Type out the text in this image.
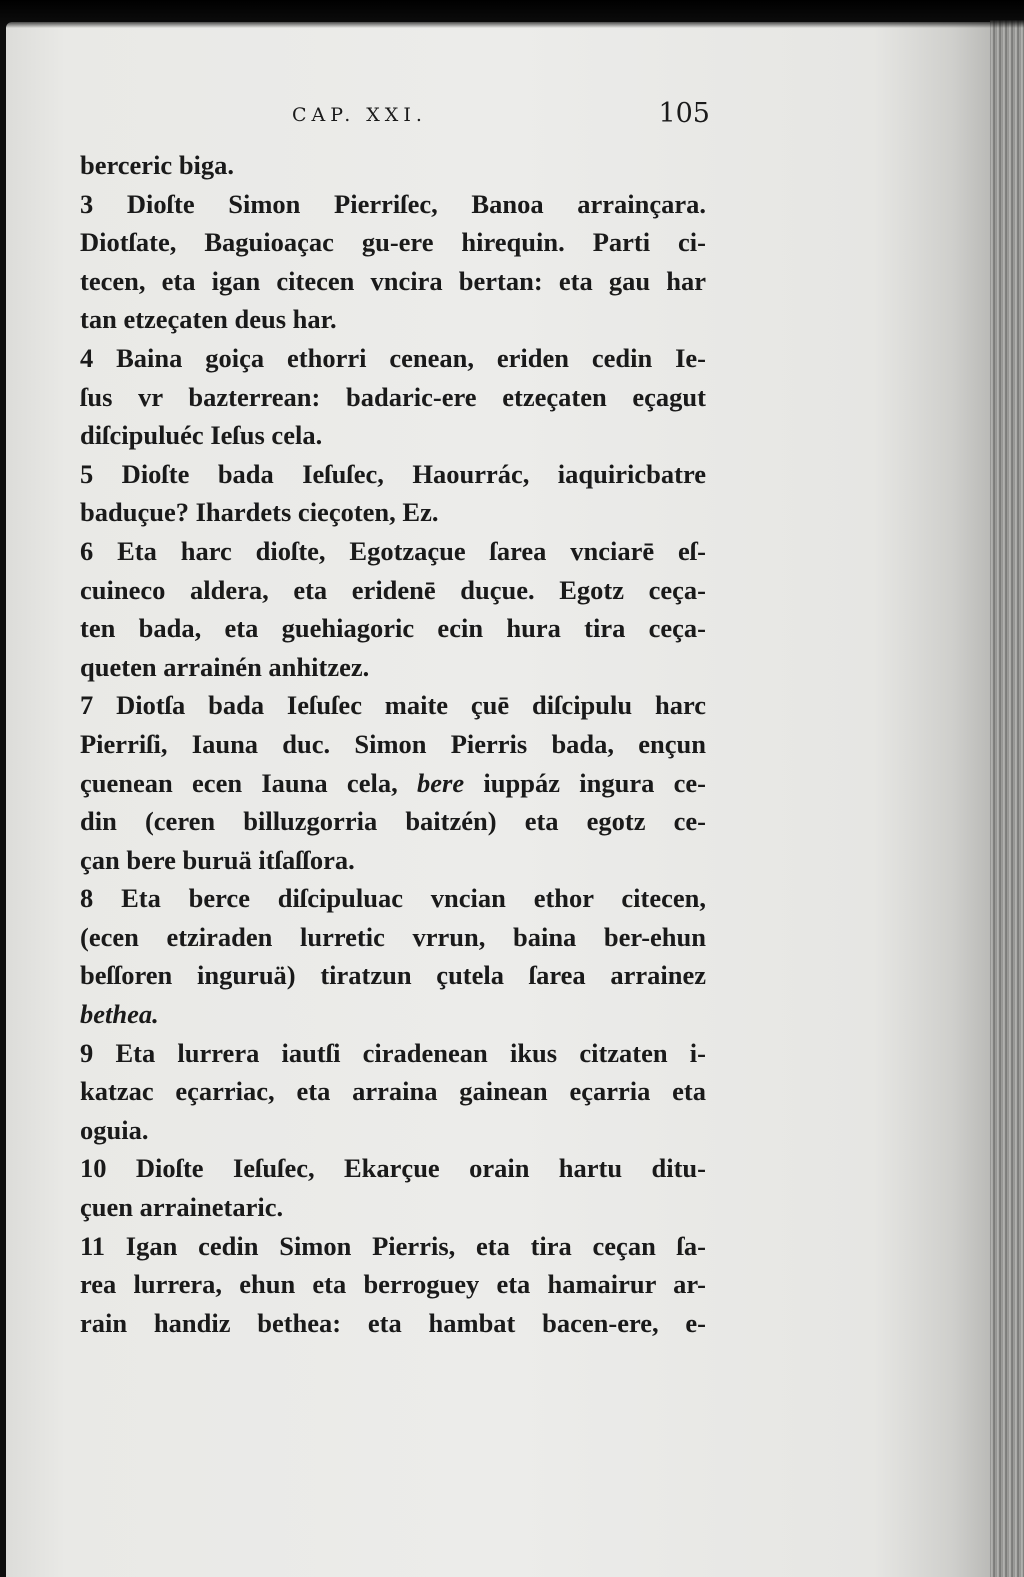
CAP. XXI.	105
berceric biga.
3 Dioſte Simon Pierriſec, Banoa arrainçara.
Diotſate, Baguioaçac gu-ere hirequin. Parti ci-
tecen, eta igan citecen vncira bertan: eta gau har
tan etzeçaten deus har.
4 Baina goiça ethorri cenean, eriden cedin Ie-
ſus vr bazterrean: badaric-ere etzeçaten eçagut
diſcipuluéc Ieſus cela.
5 Dioſte bada Ieſuſec, Haourrác, iaquiricbatre
baduçue? Ihardets cieçoten, Ez.
6 Eta harc dioſte, Egotzaçue ſarea vnciarē eſ-
cuineco aldera, eta eridenē duçue. Egotz ceça-
ten bada, eta guehiagoric ecin hura tira ceça-
queten arrainén anhitzez.
7 Diotſa bada Ieſuſec maite çuē diſcipulu harc
Pierriſi, Iauna duc. Simon Pierris bada, ençun
çuenean ecen Iauna cela, bere iuppáz ingura ce-
din (ceren billuzgorria baitzén) eta egotz ce-
çan bere buruä itſaſſora.
8 Eta berce diſcipuluac vncian ethor citecen,
(ecen etziraden lurretic vrrun, baina ber-ehun
beſſoren inguruä) tiratzun çutela ſarea arrainez
bethea.
9 Eta lurrera iautſi ciradenean ikus citzaten i-
katzac eçarriac, eta arraina gainean eçarria eta
oguia.
10 Dioſte Ieſuſec, Ekarçue orain hartu ditu-
çuen arrainetaric.
11 Igan cedin Simon Pierris, eta tira ceçan ſa-
rea lurrera, ehun eta berroguey eta hamairur ar-
rain handiz bethea: eta hambat bacen-ere, e-
